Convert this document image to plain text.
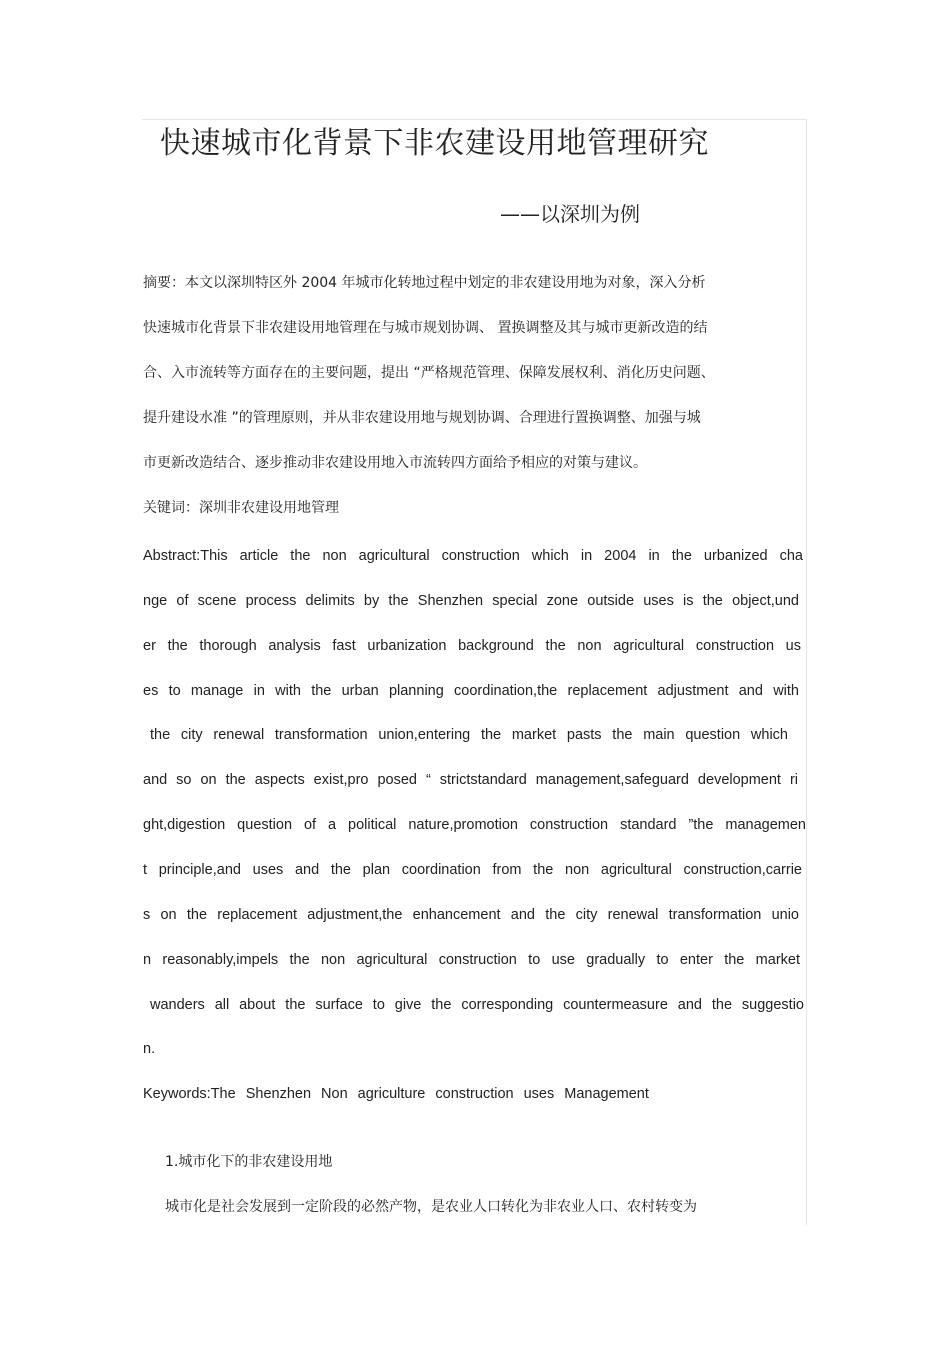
快速城市化背景下非农建设用地管理研究
——以深圳为例
摘要：本文以深圳特区外 2004 年城市化转地过程中划定的非农建设用地为对象，深入分析
快速城市化背景下非农建设用地管理在与城市规划协调、 置换调整及其与城市更新改造的结
合、入市流转等方面存在的主要问题，提出 “严格规范管理、保障发展权利、消化历史问题、
提升建设水准 ”的管理原则，并从非农建设用地与规划协调、合理进行置换调整、加强与城
市更新改造结合、逐步推动非农建设用地入市流转四方面给予相应的对策与建议。
关键词：深圳非农建设用地管理
Abstract:This article the non agricultural construction which in 2004 in the urbanized cha
nge of scene process delimits by the Shenzhen special zone outside uses is the object,und
er the thorough analysis fast urbanization background the non agricultural construction us
es to manage in with the urban planning coordination,the replacement adjustment and with
the city renewal transformation union,entering the market pasts the main question which
and so on the aspects exist,pro posed “ strictstandard management,safeguard development ri
ght,digestion question of a political nature,promotion construction standard ”the managemen
t principle,and uses and the plan coordination from the non agricultural construction,carrie
s on the replacement adjustment,the enhancement and the city renewal transformation unio
n reasonably,impels the non agricultural construction to use gradually to enter the market
wanders all about the surface to give the corresponding countermeasure and the suggestio
n.
Keywords:The Shenzhen Non agriculture construction uses Management
1.城市化下的非农建设用地
城市化是社会发展到一定阶段的必然产物，是农业人口转化为非农业人口、农村转变为
